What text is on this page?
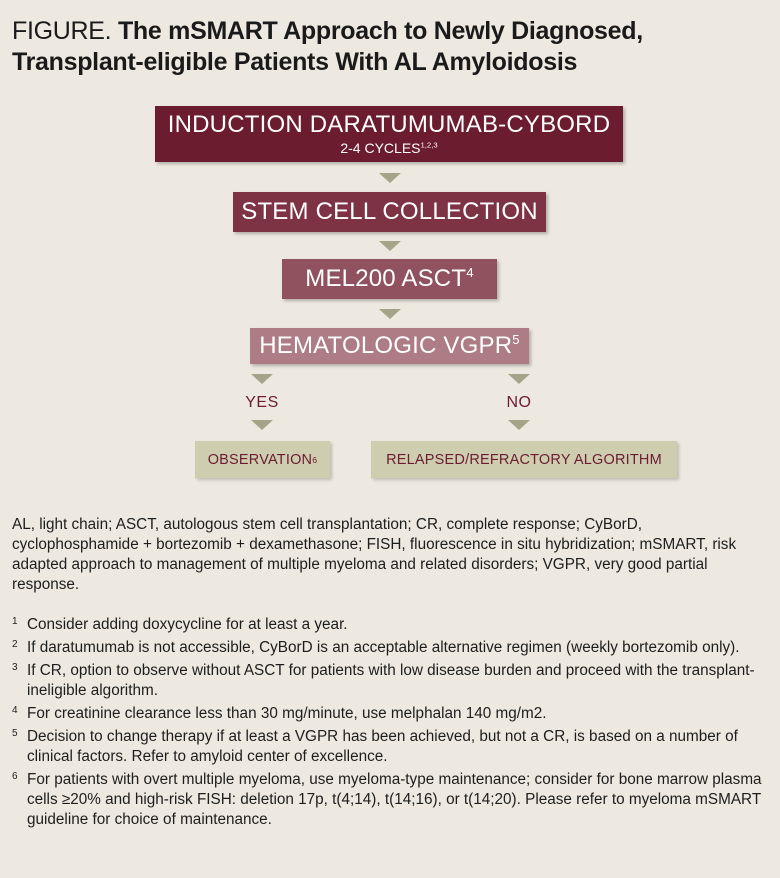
FIGURE. The mSMART Approach to Newly Diagnosed, Transplant-eligible Patients With AL Amyloidosis
INDUCTION DARATUMUMAB-CYBORD
2-4 CYCLES$^{1,2,3}$
STEM CELL COLLECTION
MEL200 ASCT$^4$
HEMATOLOGIC VGPR$^5$
YES	NO
OBSERVATION 6	RELAPSED/REFRACTORY ALGORITHM
AL, light chain; ASCT, autologous stem cell transplantation; CR, complete response; CyBorD, cyclophosphamide + bortezomib + dexamethasone; FISH, fluorescence in situ hybridization; mSMART, risk adapted approach to management of multiple myeloma and related disorders; VGPR, very good partial response.
1 Consider adding doxycycline for at least a year.
2 If daratumumab is not accessible, CyBorD is an acceptable alternative regimen (weekly bortezomib only).
3 If CR, option to observe without ASCT for patients with low disease burden and proceed with the transplant-ineligible algorithm.
4 For creatinine clearance less than 30 mg/minute, use melphalan 140 mg/m2.
5 Decision to change therapy if at least a VGPR has been achieved, but not a CR, is based on a number of clinical factors. Refer to amyloid center of excellence.
6 For patients with overt multiple myeloma, use myeloma-type maintenance; consider for bone marrow plasma cells ≥20% and high-risk FISH: deletion 17p, t(4;14), t(14;16), or t(14;20). Please refer to myeloma mSMART guideline for choice of maintenance.
